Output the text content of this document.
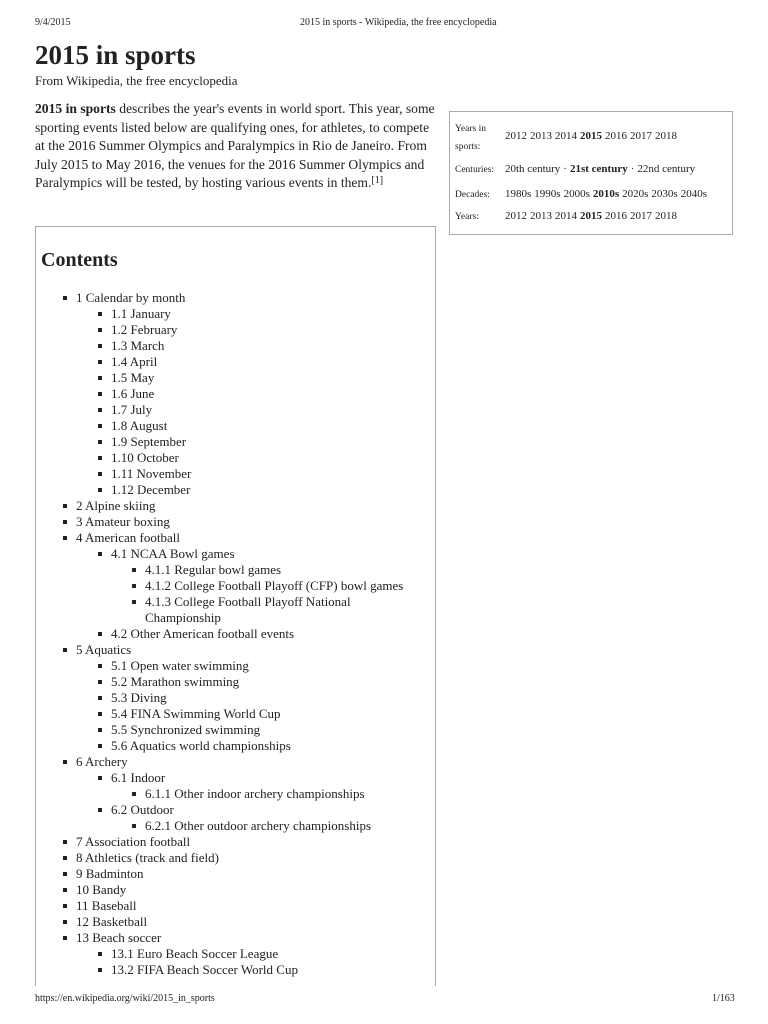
9/4/2015	2015 in sports - Wikipedia, the free encyclopedia
2015 in sports

From Wikipedia, the free encyclopedia

2015 in sports describes the year's events in world sport. This year, some sporting events listed below are qualifying ones, for athletes, to compete at the 2016 Summer Olympics and Paralympics in Rio de Janeiro. From July 2015 to May 2016, the venues for the 2016 Summer Olympics and Paralympics will be tested, by hosting various events in them.[1]

Years in sports:
2012 2013 2014 2015 2016 2017 2018
Centuries: 20th century · 21st century · 22nd century
Decades: 1980s 1990s 2000s 2010s 2020s 2030s 2040s
Years: 2012 2013 2014 2015 2016 2017 2018
Contents
1 Calendar by month
1.1 January
1.2 February
1.3 March
1.4 April
1.5 May
1.6 June
1.7 July
1.8 August
1.9 September
1.10 October
1.11 November
1.12 December
2 Alpine skiing
3 Amateur boxing
4 American football
4.1 NCAA Bowl games
4.1.1 Regular bowl games
4.1.2 College Football Playoff (CFP) bowl games
4.1.3 College Football Playoff National Championship
4.2 Other American football events
5 Aquatics
5.1 Open water swimming
5.2 Marathon swimming
5.3 Diving
5.4 FINA Swimming World Cup
5.5 Synchronized swimming
5.6 Aquatics world championships
6 Archery
6.1 Indoor
6.1.1 Other indoor archery championships
6.2 Outdoor
6.2.1 Other outdoor archery championships
7 Association football
8 Athletics (track and field)
9 Badminton
10 Bandy
11 Baseball
12 Basketball
13 Beach soccer
13.1 Euro Beach Soccer League
13.2 FIFA Beach Soccer World Cup
https://en.wikipedia.org/wiki/2015_in_sports	1/163
